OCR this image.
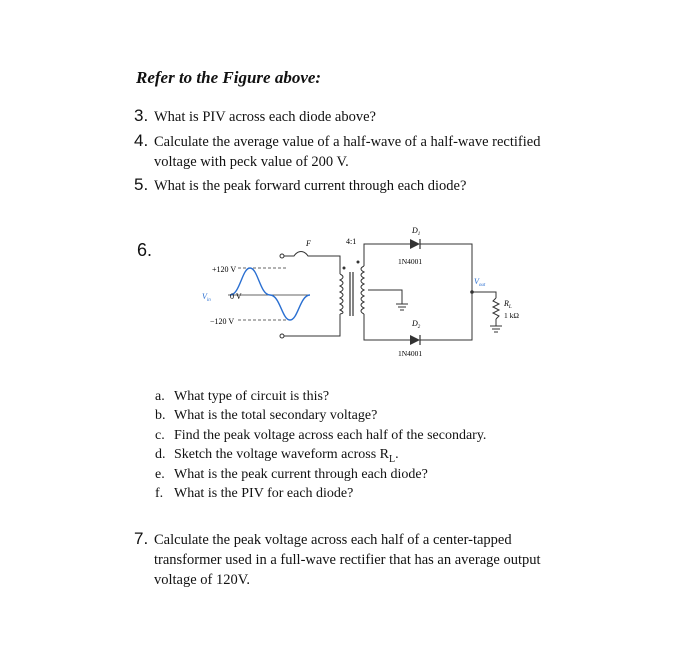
Refer to the Figure above:
3. What is PIV across each diode above?
4. Calculate the average value of a half-wave of a half-wave rectified
voltage with peck value of 200 V.
5. What is the peak forward current through each diode?
6.
+120 V
0 V
−120 V
$V_{in}$
F	4:1
$D_1$
1N4001
$D_2$
1N4001
$V_{out}$
$R_L$
1 kΩ
a. What type of circuit is this?
b. What is the total secondary voltage?
c. Find the peak voltage across each half of the secondary.
d. Sketch the voltage waveform across $R_L$.
e. What is the peak current through each diode?
f. What is the PIV for each diode?
7. Calculate the peak voltage across each half of a center-tapped
transformer used in a full-wave rectifier that has an average output
voltage of 120V.
